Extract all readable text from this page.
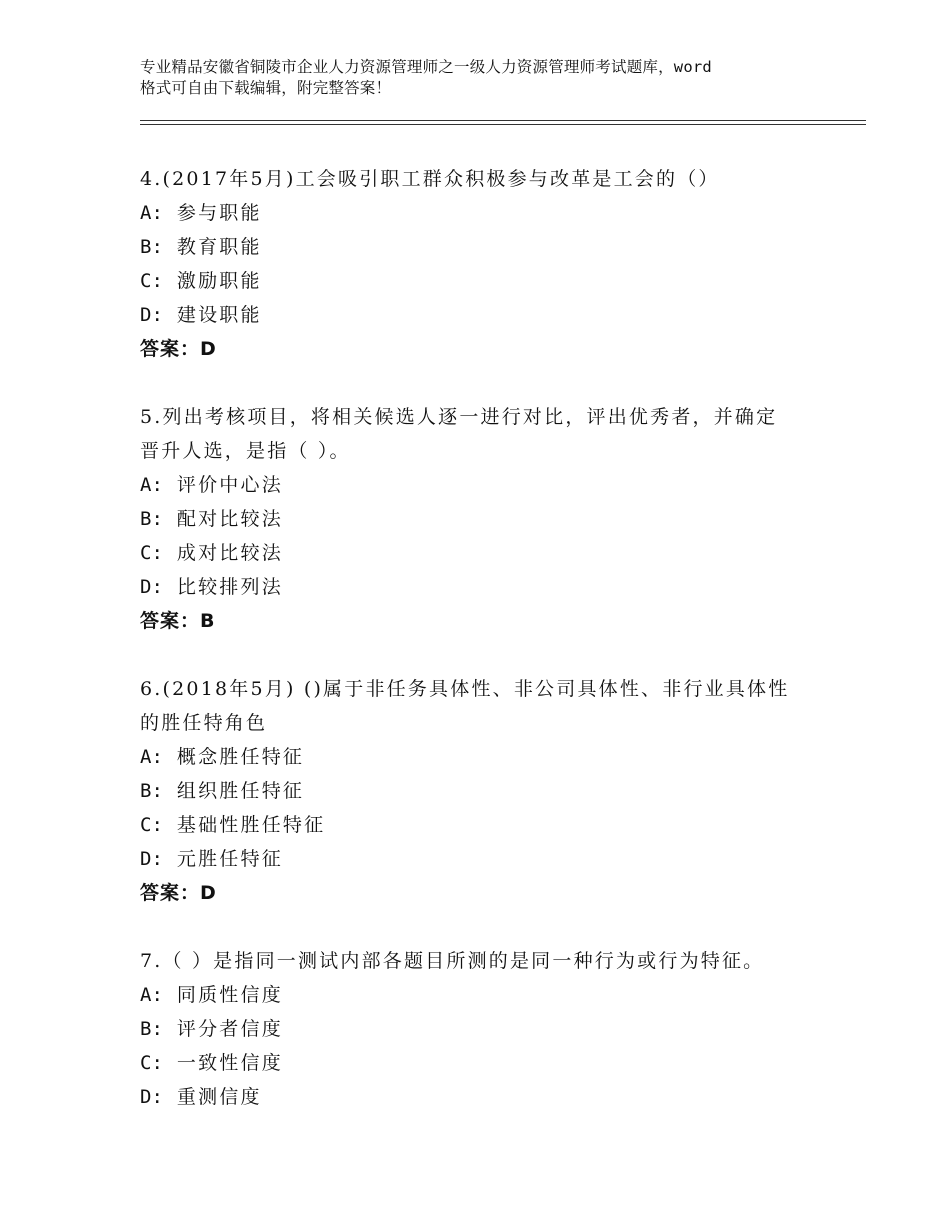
专业精品安徽省铜陵市企业人力资源管理师之一级人力资源管理师考试题库，word
格式可自由下载编辑，附完整答案！
4.(2017年5月)工会吸引职工群众积极参与改革是工会的（）
A: 参与职能
B: 教育职能
C: 激励职能
D: 建设职能
答案：D
5.列出考核项目，将相关候选人逐一进行对比，评出优秀者，并确定
晋升人选，是指（ ）。
A: 评价中心法
B: 配对比较法
C: 成对比较法
D: 比较排列法
答案：B
6.(2018年5月) ()属于非任务具体性、非公司具体性、非行业具体性
的胜任特角色
A: 概念胜任特征
B: 组织胜任特征
C: 基础性胜任特征
D: 元胜任特征
答案：D
7.（ ）是指同一测试内部各题目所测的是同一种行为或行为特征。
A: 同质性信度
B: 评分者信度
C: 一致性信度
D: 重测信度
